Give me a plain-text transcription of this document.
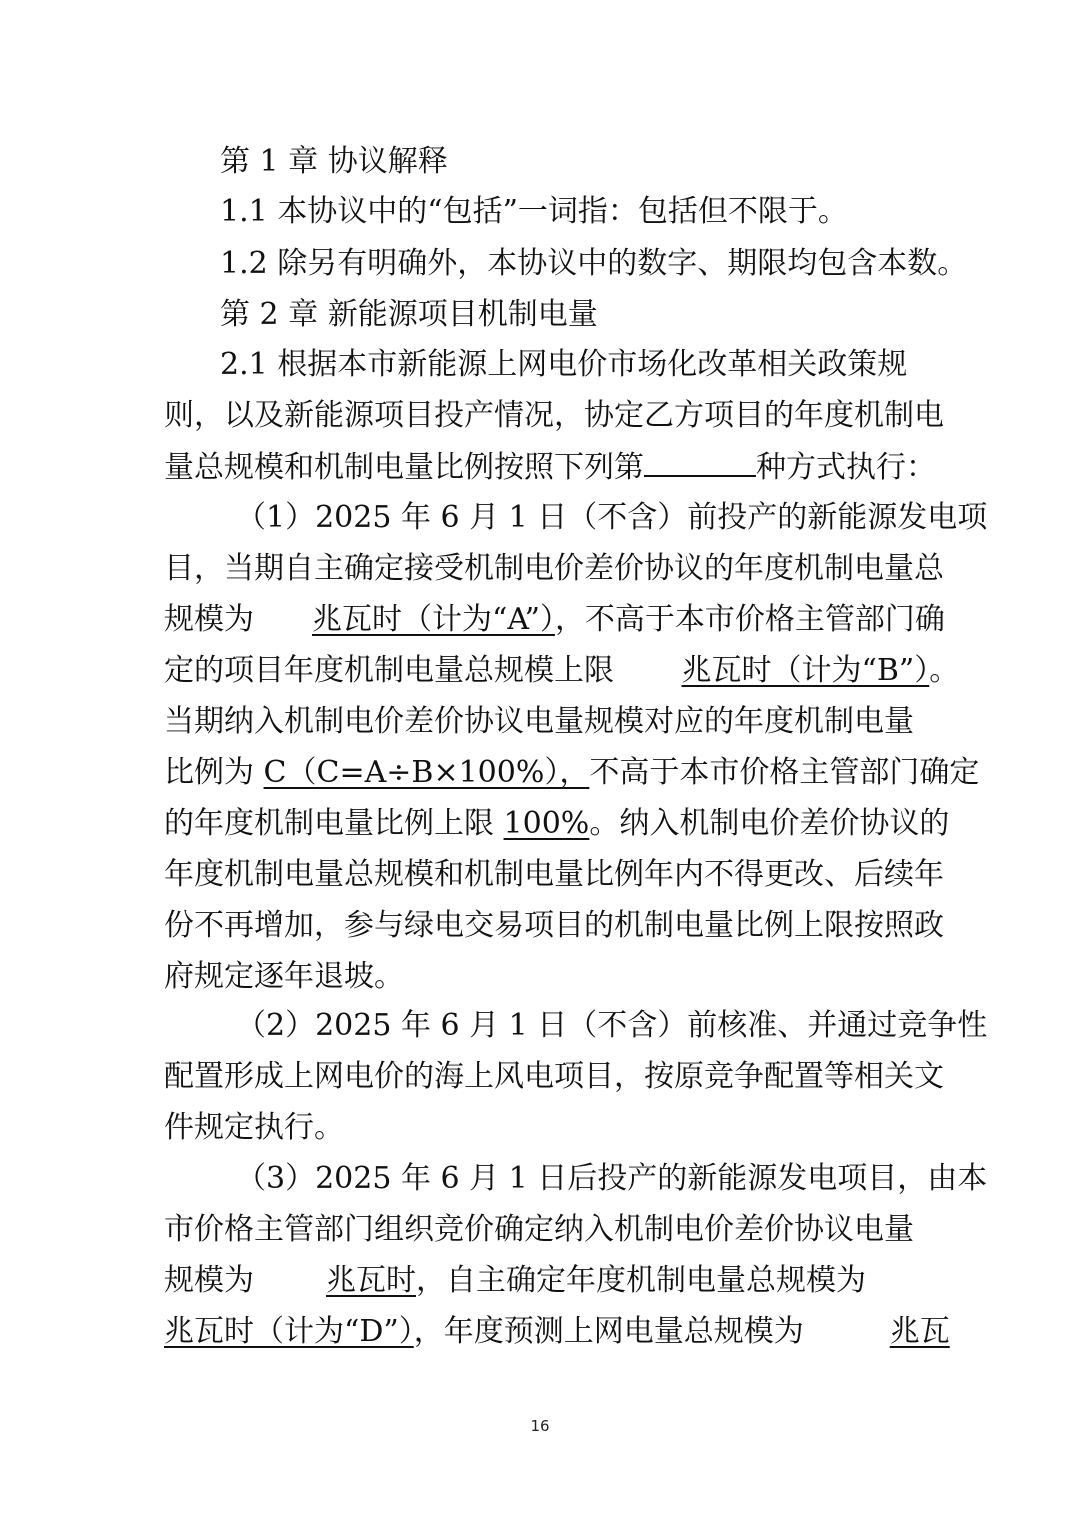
第 1 章 协议解释
1.1 本协议中的“包括”一词指：包括但不限于。
1.2 除另有明确外，本协议中的数字、期限均包含本数。
第 2 章 新能源项目机制电量
2.1 根据本市新能源上网电价市场化改革相关政策规
则，以及新能源项目投产情况，协定乙方项目的年度机制电
量总规模和机制电量比例按照下列第	种方式执行：
（1）2025 年 6 月 1 日（不含）前投产的新能源发电项
目，当期自主确定接受机制电价差价协议的年度机制电量总
规模为 兆瓦时（计为“A”），不高于本市价格主管部门确
定的项目年度机制电量总规模上限 兆瓦时（计为“B”）。
当期纳入机制电价差价协议电量规模对应的年度机制电量
比例为 C（C=A÷B×100%），不高于本市价格主管部门确定
的年度机制电量比例上限 100%。纳入机制电价差价协议的
年度机制电量总规模和机制电量比例年内不得更改、后续年
份不再增加，参与绿电交易项目的机制电量比例上限按照政
府规定逐年退坡。
（2）2025 年 6 月 1 日（不含）前核准、并通过竞争性
配置形成上网电价的海上风电项目，按原竞争配置等相关文
件规定执行。
（3）2025 年 6 月 1 日后投产的新能源发电项目，由本
市价格主管部门组织竞价确定纳入机制电价差价协议电量
规模为 兆瓦时，自主确定年度机制电量总规模为
兆瓦时（计为“D”），年度预测上网电量总规模为	兆瓦
16
